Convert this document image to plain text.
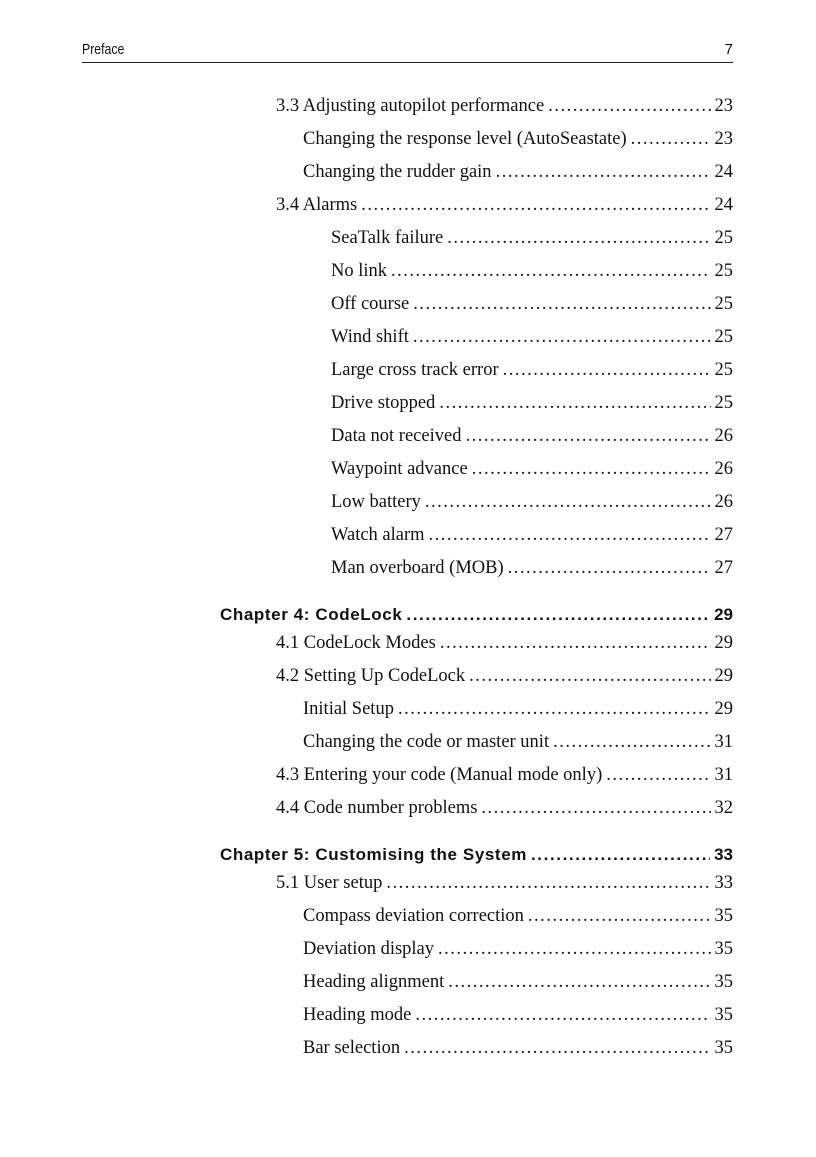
Preface	7
3.3 Adjusting autopilot performance .....	23
Changing the response level (AutoSeastate) .....	23
Changing the rudder gain .....	24
3.4 Alarms .....	24
SeaTalk failure .....	25
No link .....	25
Off course .....	25
Wind shift .....	25
Large cross track error .....	25
Drive stopped .....	25
Data not received .....	26
Waypoint advance .....	26
Low battery .....	26
Watch alarm .....	27
Man overboard (MOB) .....	27
Chapter 4: CodeLock .....	29
4.1 CodeLock Modes .....	29
4.2 Setting Up CodeLock .....	29
Initial Setup .....	29
Changing the code or master unit .....	31
4.3 Entering your code (Manual mode only) .....	31
4.4 Code number problems .....	32
Chapter 5: Customising the System .....	33
5.1 User setup .....	33
Compass deviation correction .....	35
Deviation display .....	35
Heading alignment .....	35
Heading mode .....	35
Bar selection .....	35
